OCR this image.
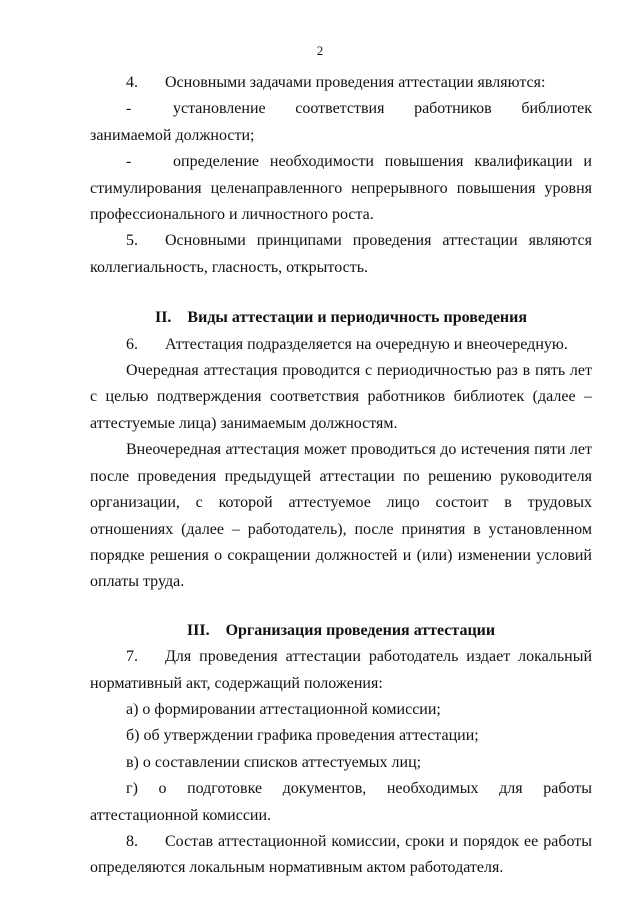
2

4. Основными задачами проведения аттестации являются:

-	установление соответствия работников библиотек занимаемой должности;

-	определение необходимости повышения квалификации и стимулирования целенаправленного непрерывного повышения уровня профессионального и личностного роста.

5. Основными принципами проведения аттестации являются коллегиальность, гласность, открытость.

II. Виды аттестации и периодичность проведения

6. Аттестация подразделяется на очередную и внеочередную.

Очередная аттестация проводится с периодичностью раз в пять лет с целью подтверждения соответствия работников библиотек (далее – аттестуемые лица) занимаемым должностям.

Внеочередная аттестация может проводиться до истечения пяти лет после проведения предыдущей аттестации по решению руководителя организации, с которой аттестуемое лицо состоит в трудовых отношениях (далее – работодатель), после принятия в установленном порядке решения о сокращении должностей и (или) изменении условий оплаты труда.

III. Организация проведения аттестации

7. Для проведения аттестации работодатель издает локальный нормативный акт, содержащий положения:

а) о формировании аттестационной комиссии;

б) об утверждении графика проведения аттестации;

в) о составлении списков аттестуемых лиц;

г) о подготовке документов, необходимых для работы аттестационной комиссии.

8. Состав аттестационной комиссии, сроки и порядок ее работы определяются локальным нормативным актом работодателя.
